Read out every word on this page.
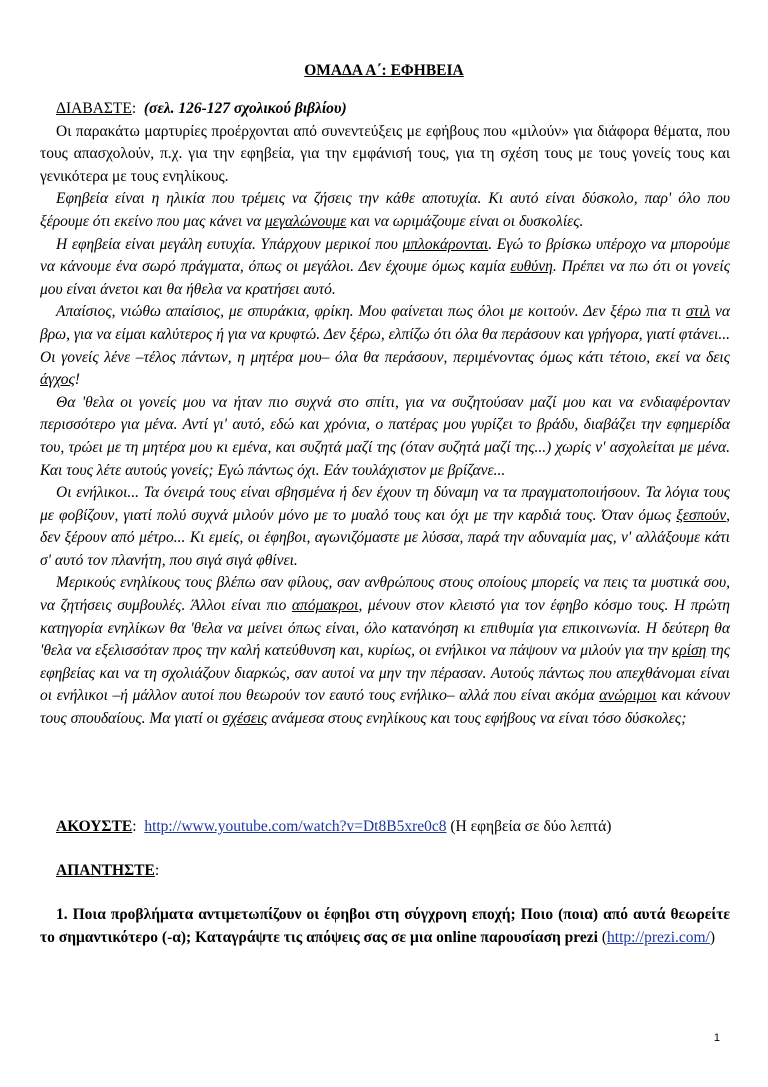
ΟΜΑΔΑ Α΄: ΕΦΗΒΕΙΑ
ΔΙΑΒΑΣΤΕ:  (σελ. 126-127 σχολικού βιβλίου)

Οι παρακάτω μαρτυρίες προέρχονται από συνεντεύξεις με εφήβους που «μιλούν» για διάφορα θέματα, που τους απασχολούν, π.χ. για την εφηβεία, για την εμφάνισή τους, για τη σχέση τους με τους γονείς τους και γενικότερα με τους ενηλίκους.

Εφηβεία είναι η ηλικία που τρέμεις να ζήσεις την κάθε αποτυχία. Κι αυτό είναι δύσκολο, παρ' όλο που ξέρουμε ότι εκείνο που μας κάνει να μεγαλώνουμε και να ωριμάζουμε είναι οι δυσκολίες.

Η εφηβεία είναι μεγάλη ευτυχία. Υπάρχουν μερικοί που μπλοκάρονται. Εγώ το βρίσκω υπέροχο να μπορούμε να κάνουμε ένα σωρό πράγματα, όπως οι μεγάλοι. Δεν έχουμε όμως καμία ευθύνη. Πρέπει να πω ότι οι γονείς μου είναι άνετοι και θα ήθελα να κρατήσει αυτό.

Απαίσιος, νιώθω απαίσιος, με σπυράκια, φρίκη. Μου φαίνεται πως όλοι με κοιτούν. Δεν ξέρω πια τι στιλ να βρω, για να είμαι καλύτερος ή για να κρυφτώ. Δεν ξέρω, ελπίζω ότι όλα θα περάσουν και γρήγορα, γιατί φτάνει... Οι γονείς λένε –τέλος πάντων, η μητέρα μου– όλα θα περάσουν, περιμένοντας όμως κάτι τέτοιο, εκεί να δεις άγχος!

Θα 'θελα οι γονείς μου να ήταν πιο συχνά στο σπίτι, για να συζητούσαν μαζί μου και να ενδιαφέρονταν περισσότερο για μένα. Αντί γι' αυτό, εδώ και χρόνια, ο πατέρας μου γυρίζει το βράδυ, διαβάζει την εφημερίδα του, τρώει με τη μητέρα μου κι εμένα, και συζητά μαζί της (όταν συζητά μαζί της...) χωρίς ν' ασχολείται με μένα. Και τους λέτε αυτούς γονείς; Εγώ πάντως όχι. Εάν τουλάχιστον με βρίζανε...

Οι ενήλικοι... Τα όνειρά τους είναι σβησμένα ή δεν έχουν τη δύναμη να τα πραγματοποιήσουν. Τα λόγια τους με φοβίζουν, γιατί πολύ συχνά μιλούν μόνο με το μυαλό τους και όχι με την καρδιά τους. Όταν όμως ξεσπούν, δεν ξέρουν από μέτρο... Κι εμείς, οι έφηβοι, αγωνιζόμαστε με λύσσα, παρά την αδυναμία μας, ν' αλλάξουμε κάτι σ' αυτό τον πλανήτη, που σιγά σιγά φθίνει.

Μερικούς ενηλίκους τους βλέπω σαν φίλους, σαν ανθρώπους στους οποίους μπορείς να πεις τα μυστικά σου, να ζητήσεις συμβουλές. Άλλοι είναι πιο απόμακροι, μένουν στον κλειστό για τον έφηβο κόσμο τους. Η πρώτη κατηγορία ενηλίκων θα 'θελα να μείνει όπως είναι, όλο κατανόηση κι επιθυμία για επικοινωνία. Η δεύτερη θα 'θελα να εξελισσόταν προς την καλή κατεύθυνση και, κυρίως, οι ενήλικοι να πάψουν να μιλούν για την κρίση της εφηβείας και να τη σχολιάζουν διαρκώς, σαν αυτοί να μην την πέρασαν. Αυτούς πάντως που απεχθάνομαι είναι οι ενήλικοι –ή μάλλον αυτοί που θεωρούν τον εαυτό τους ενήλικο– αλλά που είναι ακόμα ανώριμοι και κάνουν τους σπουδαίους. Μα γιατί οι σχέσεις ανάμεσα στους ενηλίκους και τους εφήβους να είναι τόσο δύσκολες;

ΑΚΟΥΣΤΕ:  http://www.youtube.com/watch?v=Dt8B5xre0c8 (Η εφηβεία σε δύο λεπτά)
ΑΠΑΝΤΗΣΤΕ:

1. Ποια προβλήματα αντιμετωπίζουν οι έφηβοι στη σύγχρονη εποχή; Ποιο (ποια) από αυτά θεωρείτε το σημαντικότερο (-α); Καταγράψτε τις απόψεις σας σε μια online παρουσίαση prezi (http://prezi.com/)

1
